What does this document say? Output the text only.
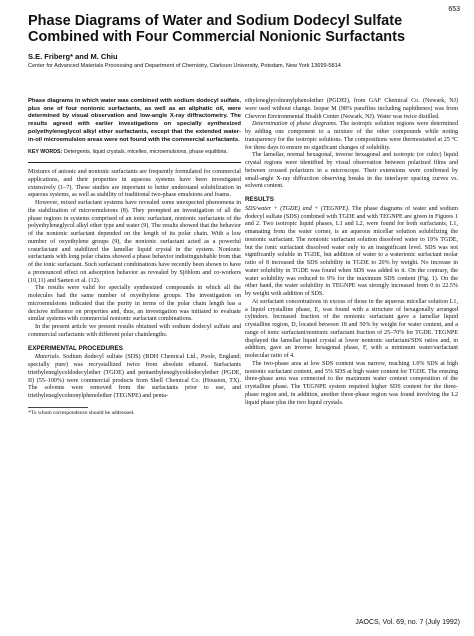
653
Phase Diagrams of Water and Sodium Dodecyl Sulfate Combined with Four Commercial Nonionic Surfactants
S.E. Friberg* and M. Chiu
Center for Advanced Materials Processing and Department of Chemistry, Clarkson University, Potsdam, New York 13699-5814

Phase diagrams in which water was combined with sodium dodecyl sulfate, plus one of four nonionic surfactants, as well as an aliphatic oil, were determined by visual observation and low-angle X-ray diffractometry. The results agreed with earlier investigations on specially synthesized polyethyleneglycol alkyl ether surfactants, except that the extended water-in-oil microemulsion areas were not found with the commercial surfactants.

KEY WORDS: Detergents, liquid crystals, micelles, microemulsions, phase equilibria.

Mixtures of anionic and nonionic surfactants are frequently formulated for commercial applications, and their properties in aqueous systems have been investigated extensively (1–7). These studies are important to better understand solubilization in aqueous systems, as well as stability of traditional two-phase emulsions and foams.

However, mixed surfactant systems have revealed some unexpected phenomena in the stabilization of microemulsions (8). They prompted an investigation of all the phase regions in systems comprised of an ionic surfactant, nonionic surfactants of the polyethyleneglycol alkyl ether type and water (9). The results showed that the behavior of the nonionic surfactant depended on the length of its polar chain. With a low number of oxyethylene groups (9), the nonionic surfactant acted as a powerful cosurfactant and stabilized the lamellar liquid crystal in the system. Nonionic surfactants with long polar chains showed a phase behavior indistinguishable from that of the ionic surfactant. Such surfactant combinations have recently been shown to have a pronounced effect on adsorption behavior as revealed by Sjöblom and co-workers (10,11) and Saeten et al. (12).

The results were valid for specially synthesized compounds in which all the molecules had the same number of oxyethylene groups. The investigation on microemulsions indicated that the purity in terms of the polar chain length has a decisive influence on properties and, thus, an investigation was initiated to evaluate similar systems with commercial nonionic surfactant combinations.

In the present article we present results obtained with sodium dodecyl sulfate and commercial surfactants with different polar chainlengths.

EXPERIMENTAL PROCEDURES

Materials. Sodium dodecyl sulfate (SDS) (BDH Chemical Ltd., Poole, England; specially pure) was recrystallized twice from absolute ethanol. Surfactants triethyleneglycoldodecylether (TGDE) and pentaethyleneglycoldodecylether (PGDE, II) (55–100%) were commercial products from Shell Chemical Co. (Houston, TX). The solvents were removed from the surfactants prior to use, and triethyleneglycolnonylphenolether (TEGNPE) and penta-

*To whom correspondence should be addressed.

ethyleneglycolnonylphenolether (PGDEI), from GAF Chemical Co. (Newark, NJ) were used without change. Isopar M (98% paraffins including naphthenes) was from Chevron Environmental Health Center (Newark, NJ). Water was twice distilled.

Determination of phase diagrams. The isotropic solution regions were determined by adding one component to a mixture of the other compounds while noting transparency for the isotropic solutions. The compositions were thermostatted at 25 °C for three days to ensure no significant changes of solubility.

The lamellar, normal hexagonal, inverse hexagonal and isotropic (or cubic) liquid crystal regions were identified by visual observation between polarized films and between crossed polarizers in a microscope. Their extensions were confirmed by small-angle X-ray diffraction observing breaks in the interlayer spacing curves vs. solvent content.

RESULTS

SDS/water + (TGDE) and + (TEGNPE). The phase diagrams of water and sodium dodecyl sulfate (SDS) combined with TGDE and with TEGNPE are given in Figures 1 and 2. Two isotropic liquid phases, L1 and L2, were found for both surfactants, L1, emanating from the water corner, is an aqueous micellar solution solubilizing the nonionic surfactant. The nonionic surfactant solution dissolved water to 19% TGDE, but the ionic surfactant dissolved water only to an insignificant level. SDS was not significantly soluble in TGDE, but addition of water to a waterionic surfactant molar ratio of 8 increased the SDS solubility in TGDE to 20% by weight. No increase in water solubility in TGDE was found when SDS was added to it. On the contrary, the water solubility was reduced to 9% for the maximum SDS content (Fig. 1). On the other hand, the water solubility in TEGNPE was strongly increased from 0 to 22.5% by weight with addition of SDS.

At surfactant concentrations in excess of those in the aqueous micellar solution L1, a liquid crystalline phase, E, was found with a structure of hexagonally arranged cylinders. Increased fraction of the nonionic surfactant gave a lamellar liquid crystalline region, D, located between 18 and 50% by weight for water content, and a range of ionic surfactant/nonionic surfactant fraction of 25–70% for TGDE. TEGNPE displayed the lamellar liquid crystal at lower nonionic surfactant/SDS ratios and, in addition, gave an inverse hexagonal phase, F, with a minimum water/surfactant molecular ratio of 4.

The two-phase area at low SDS content was narrow, reaching 1.0% SDS at high nonionic surfactant content, and 5% SDS at high water content for TGDE. The ensuing three-phase area was connected to the maximum water content composition of the crystalline phase. The TEGNPE system required higher SDS content for the three-phase region and, in addition, another three-phase region was found involving the L2 liquid phase plus the two liquid crystals.

JAOCS, Vol. 69, no. 7 (July 1992)
